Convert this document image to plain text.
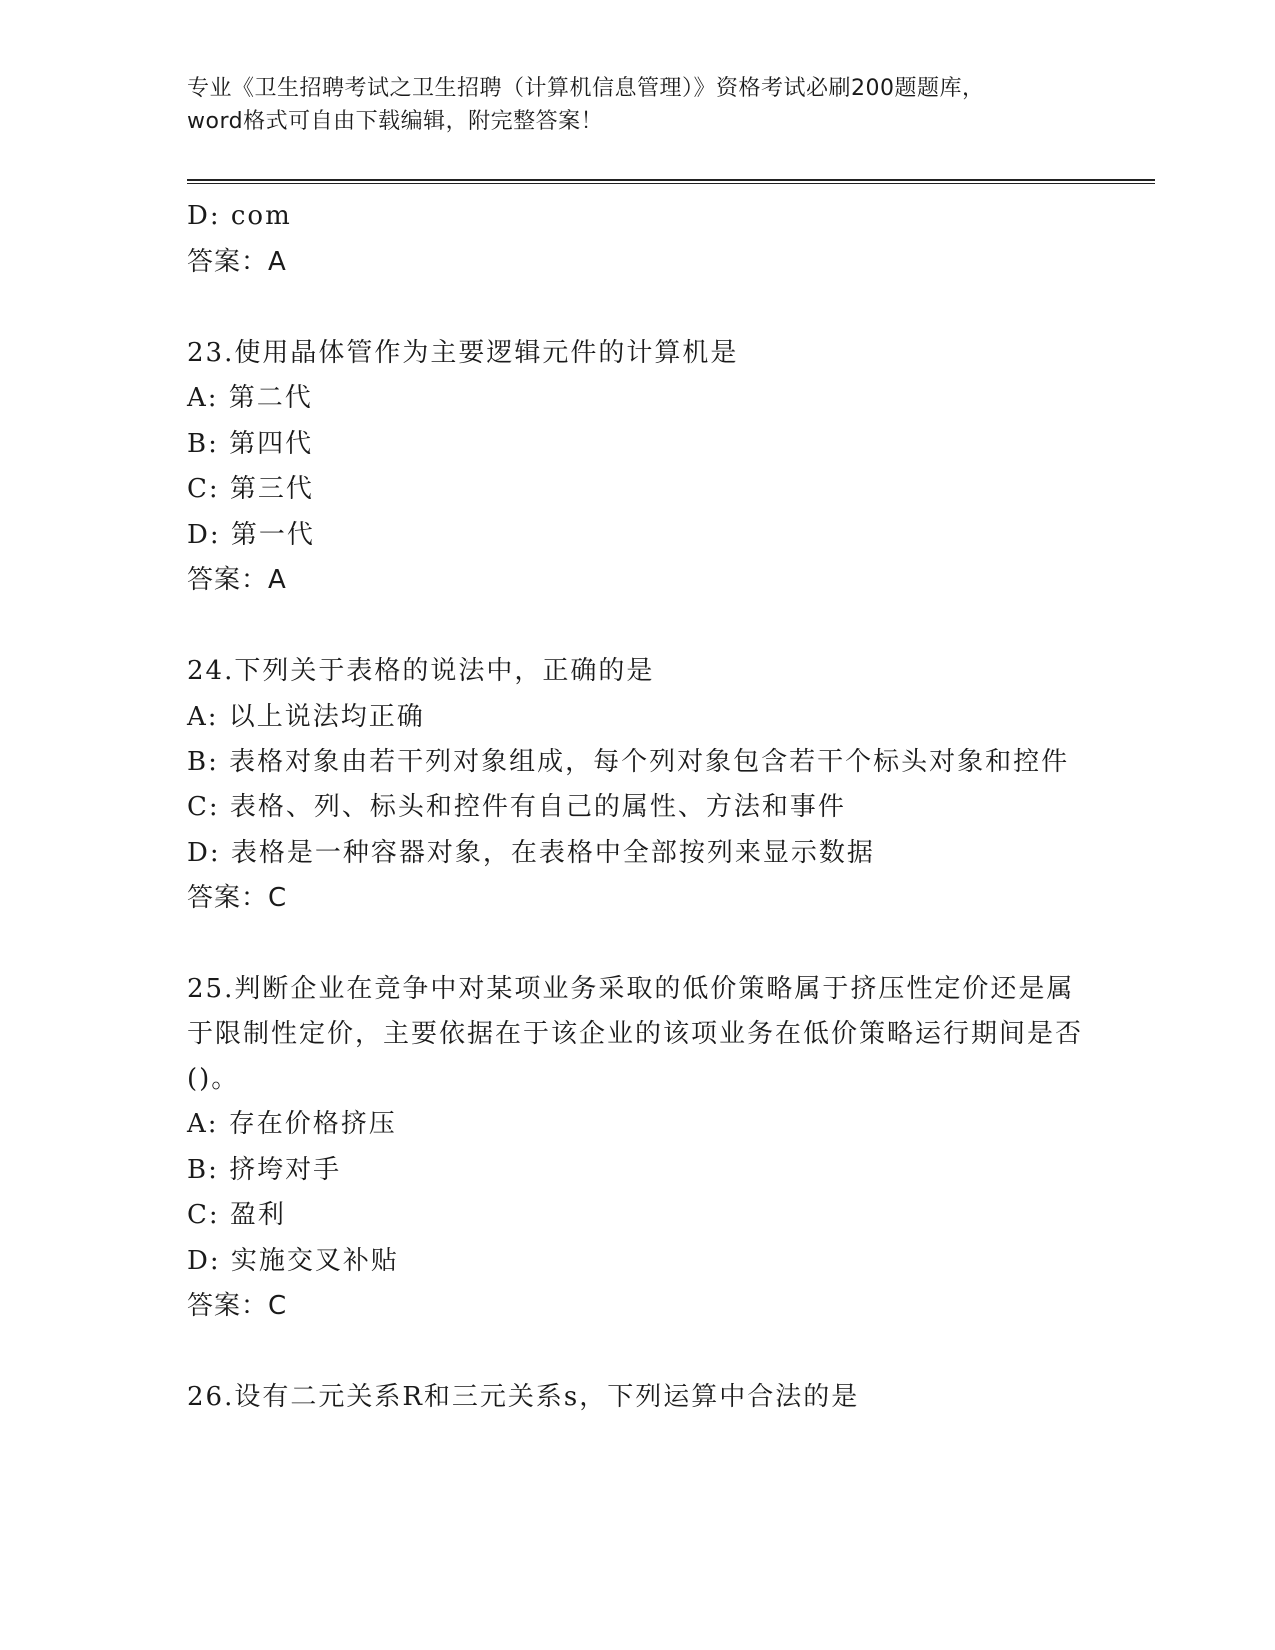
专业《卫生招聘考试之卫生招聘（计算机信息管理）》资格考试必刷200题题库，
word格式可自由下载编辑，附完整答案！
D: com
答案：A
23.使用晶体管作为主要逻辑元件的计算机是
A: 第二代
B: 第四代
C: 第三代
D: 第一代
答案：A
24.下列关于表格的说法中，正确的是
A: 以上说法均正确
B: 表格对象由若干列对象组成，每个列对象包含若干个标头对象和控件
C: 表格、列、标头和控件有自己的属性、方法和事件
D: 表格是一种容器对象，在表格中全部按列来显示数据
答案：C
25.判断企业在竞争中对某项业务采取的低价策略属于挤压性定价还是属于限制性定价，主要依据在于该企业的该项业务在低价策略运行期间是否()。
A: 存在价格挤压
B: 挤垮对手
C: 盈利
D: 实施交叉补贴
答案：C
26.设有二元关系R和三元关系s，下列运算中合法的是
